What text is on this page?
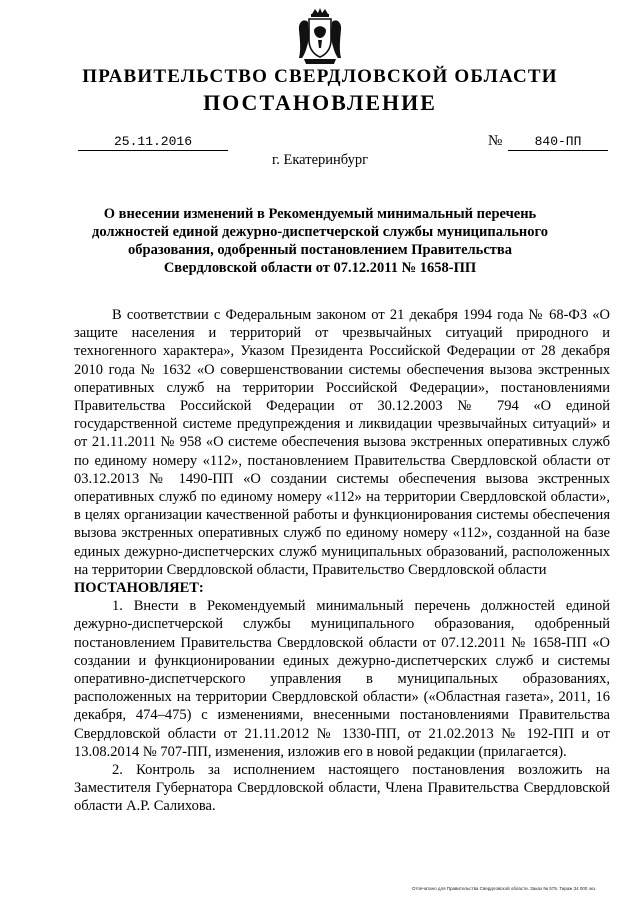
ПРАВИТЕЛЬСТВО СВЕРДЛОВСКОЙ ОБЛАСТИ
ПОСТАНОВЛЕНИЕ
25.11.2016	№	840-ПП
г. Екатеринбург
О внесении изменений в Рекомендуемый минимальный перечень должностей единой дежурно-диспетчерской службы муниципального образования, одобренный постановлением Правительства Свердловской области от 07.12.2011 № 1658-ПП

В соответствии с Федеральным законом от 21 декабря 1994 года № 68-ФЗ «О защите населения и территорий от чрезвычайных ситуаций природного и техногенного характера», Указом Президента Российской Федерации от 28 декабря 2010 года № 1632 «О совершенствовании системы обеспечения вызова экстренных оперативных служб на территории Российской Федерации», постановлениями Правительства Российской Федерации от 30.12.2003 № 794 «О единой государственной системе предупреждения и ликвидации чрезвычайных ситуаций» и от 21.11.2011 № 958 «О системе обеспечения вызова экстренных оперативных служб по единому номеру «112», постановлением Правительства Свердловской области от 03.12.2013 № 1490-ПП «О создании системы обеспечения вызова экстренных оперативных служб по единому номеру «112» на территории Свердловской области», в целях организации качественной работы и функционирования системы обеспечения вызова экстренных оперативных служб по единому номеру «112», созданной на базе единых дежурно-диспетчерских служб муниципальных образований, расположенных на территории Свердловской области, Правительство Свердловской области

ПОСТАНОВЛЯЕТ:

1. Внести в Рекомендуемый минимальный перечень должностей единой дежурно-диспетчерской службы муниципального образования, одобренный постановлением Правительства Свердловской области от 07.12.2011 № 1658-ПП «О создании и функционировании единых дежурно-диспетчерских служб и системы оперативно-диспетчерского управления в муниципальных образованиях, расположенных на территории Свердловской области» («Областная газета», 2011, 16 декабря, 474–475) с изменениями, внесенными постановлениями Правительства Свердловской области от 21.11.2012 № 1330-ПП, от 21.02.2013 № 192-ПП и от 13.08.2014 № 707-ПП, изменения, изложив его в новой редакции (прилагается).

2. Контроль за исполнением настоящего постановления возложить на Заместителя Губернатора Свердловской области, Члена Правительства Свердловской области А.Р. Салихова.

Отпечатано для Правительства Свердловской области. Заказ № 575. Тираж 34 000 экз.
